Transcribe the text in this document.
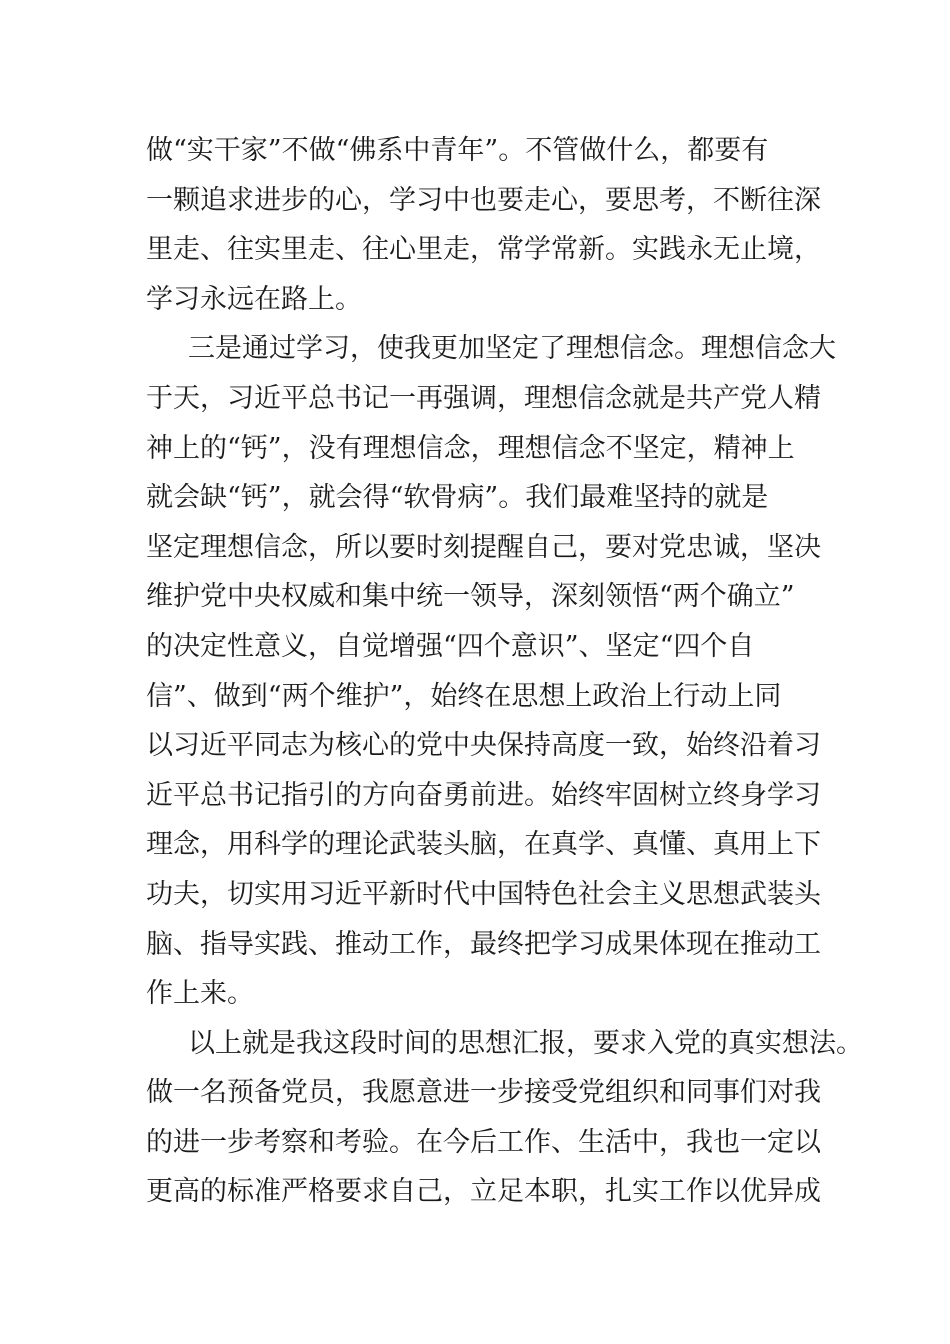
做“实干家”不做“佛系中青年”。不管做什么，都要有
一颗追求进步的心，学习中也要走心，要思考，不断往深
里走、往实里走、往心里走，常学常新。实践永无止境，
学习永远在路上。
三是通过学习，使我更加坚定了理想信念。理想信念大
于天，习近平总书记一再强调，理想信念就是共产党人精
神上的“钙”，没有理想信念，理想信念不坚定，精神上
就会缺“钙”，就会得“软骨病”。我们最难坚持的就是
坚定理想信念，所以要时刻提醒自己，要对党忠诚，坚决
维护党中央权威和集中统一领导，深刻领悟“两个确立”
的决定性意义，自觉增强“四个意识”、坚定“四个自
信”、做到“两个维护”，始终在思想上政治上行动上同
以习近平同志为核心的党中央保持高度一致，始终沿着习
近平总书记指引的方向奋勇前进。始终牢固树立终身学习
理念，用科学的理论武装头脑，在真学、真懂、真用上下
功夫，切实用习近平新时代中国特色社会主义思想武装头
脑、指导实践、推动工作，最终把学习成果体现在推动工
作上来。
以上就是我这段时间的思想汇报，要求入党的真实想法。
做一名预备党员，我愿意进一步接受党组织和同事们对我
的进一步考察和考验。在今后工作、生活中，我也一定以
更高的标准严格要求自己，立足本职，扎实工作以优异成
